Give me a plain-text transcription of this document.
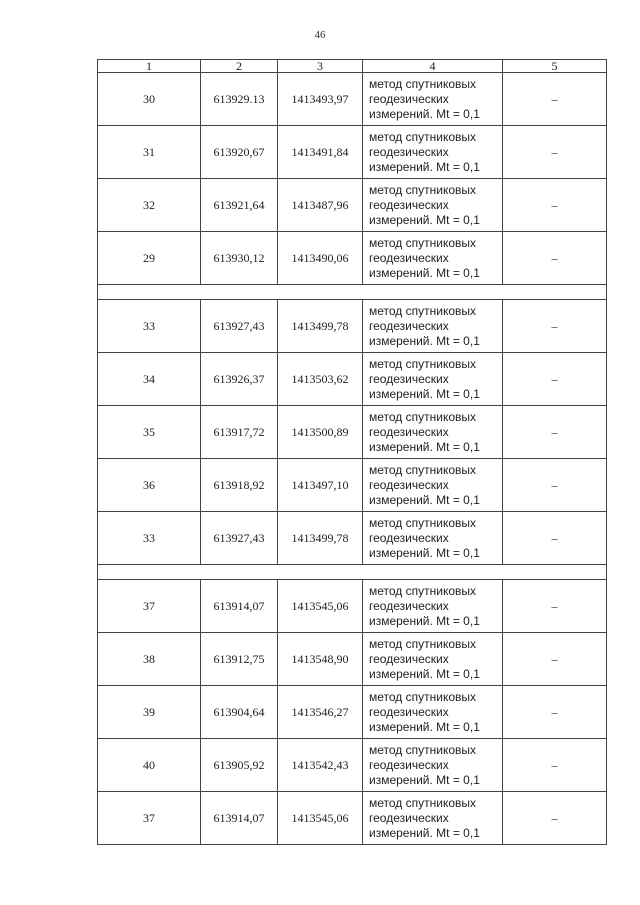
46
1	2	3	4	5
30	613929.13	1413493,97	метод спутниковых
геодезических
измерений. Mt = 0,1	–
31	613920,67	1413491,84	метод спутниковых
геодезических
измерений. Mt = 0,1	–
32	613921,64	1413487,96	метод спутниковых
геодезических
измерений. Mt = 0,1	–
29	613930,12	1413490,06	метод спутниковых
геодезических
измерений. Mt = 0,1	–

33	613927,43	1413499,78	метод спутниковых
геодезических
измерений. Mt = 0,1	–
34	613926,37	1413503,62	метод спутниковых
геодезических
измерений. Mt = 0,1	–
35	613917,72	1413500,89	метод спутниковых
геодезических
измерений. Mt = 0,1	–
36	613918,92	1413497,10	метод спутниковых
геодезических
измерений. Mt = 0,1	–
33	613927,43	1413499,78	метод спутниковых
геодезических
измерений. Mt = 0,1	–

37	613914,07	1413545,06	метод спутниковых
геодезических
измерений. Mt = 0,1	–
38	613912,75	1413548,90	метод спутниковых
геодезических
измерений. Mt = 0,1	–
39	613904,64	1413546,27	метод спутниковых
геодезических
измерений. Mt = 0,1	–
40	613905,92	1413542,43	метод спутниковых
геодезических
измерений. Mt = 0,1	–
37	613914,07	1413545,06	метод спутниковых
геодезических
измерений. Mt = 0,1	–
